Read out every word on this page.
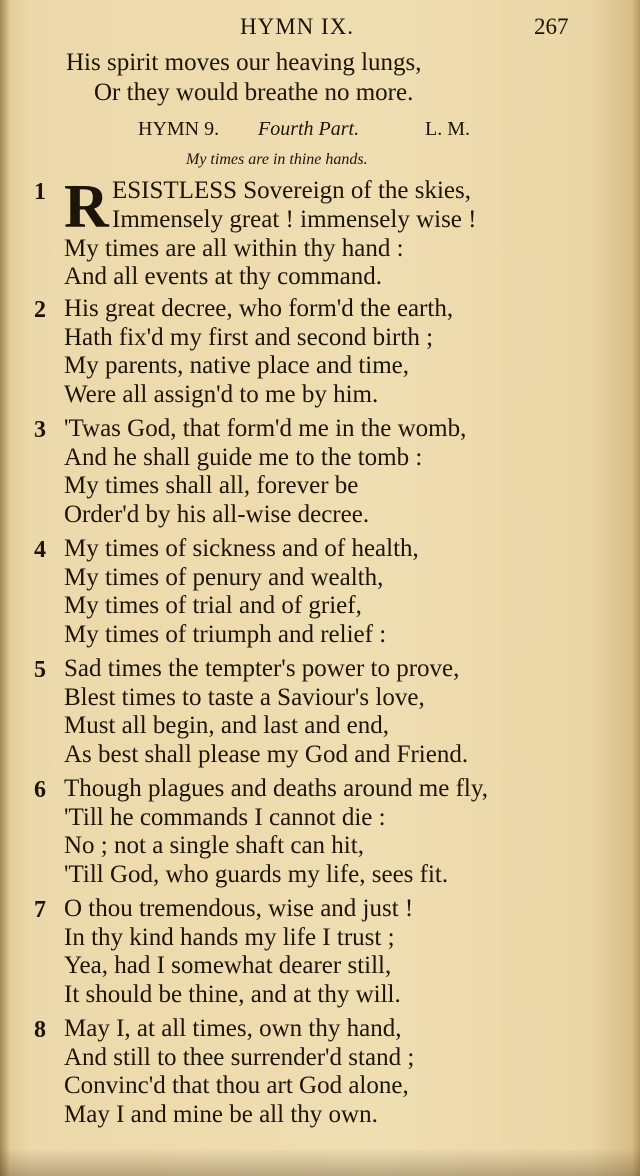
HYMN IX.	267
His spirit moves our heaving lungs,
Or they would breathe no more.
HYMN 9. Fourth Part.	L. M.
My times are in thine hands.
1 R ESISTLESS Sovereign of the skies,
Immensely great ! immensely wise !
My times are all within thy hand :
And all events at thy command.
2 His great decree, who form'd the earth,
Hath fix'd my first and second birth ;
My parents, native place and time,
Were all assign'd to me by him.
3 'Twas God, that form'd me in the womb,
And he shall guide me to the tomb :
My times shall all, forever be
Order'd by his all-wise decree.
4 My times of sickness and of health,
My times of penury and wealth,
My times of trial and of grief,
My times of triumph and relief :
5 Sad times the tempter's power to prove,
Blest times to taste a Saviour's love,
Must all begin, and last and end,
As best shall please my God and Friend.
6 Though plagues and deaths around me fly,
'Till he commands I cannot die :
No ; not a single shaft can hit,
'Till God, who guards my life, sees fit.
7 O thou tremendous, wise and just !
In thy kind hands my life I trust ;
Yea, had I somewhat dearer still,
It should be thine, and at thy will.
8 May I, at all times, own thy hand,
And still to thee surrender'd stand ;
Convinc'd that thou art God alone,
May I and mine be all thy own.
